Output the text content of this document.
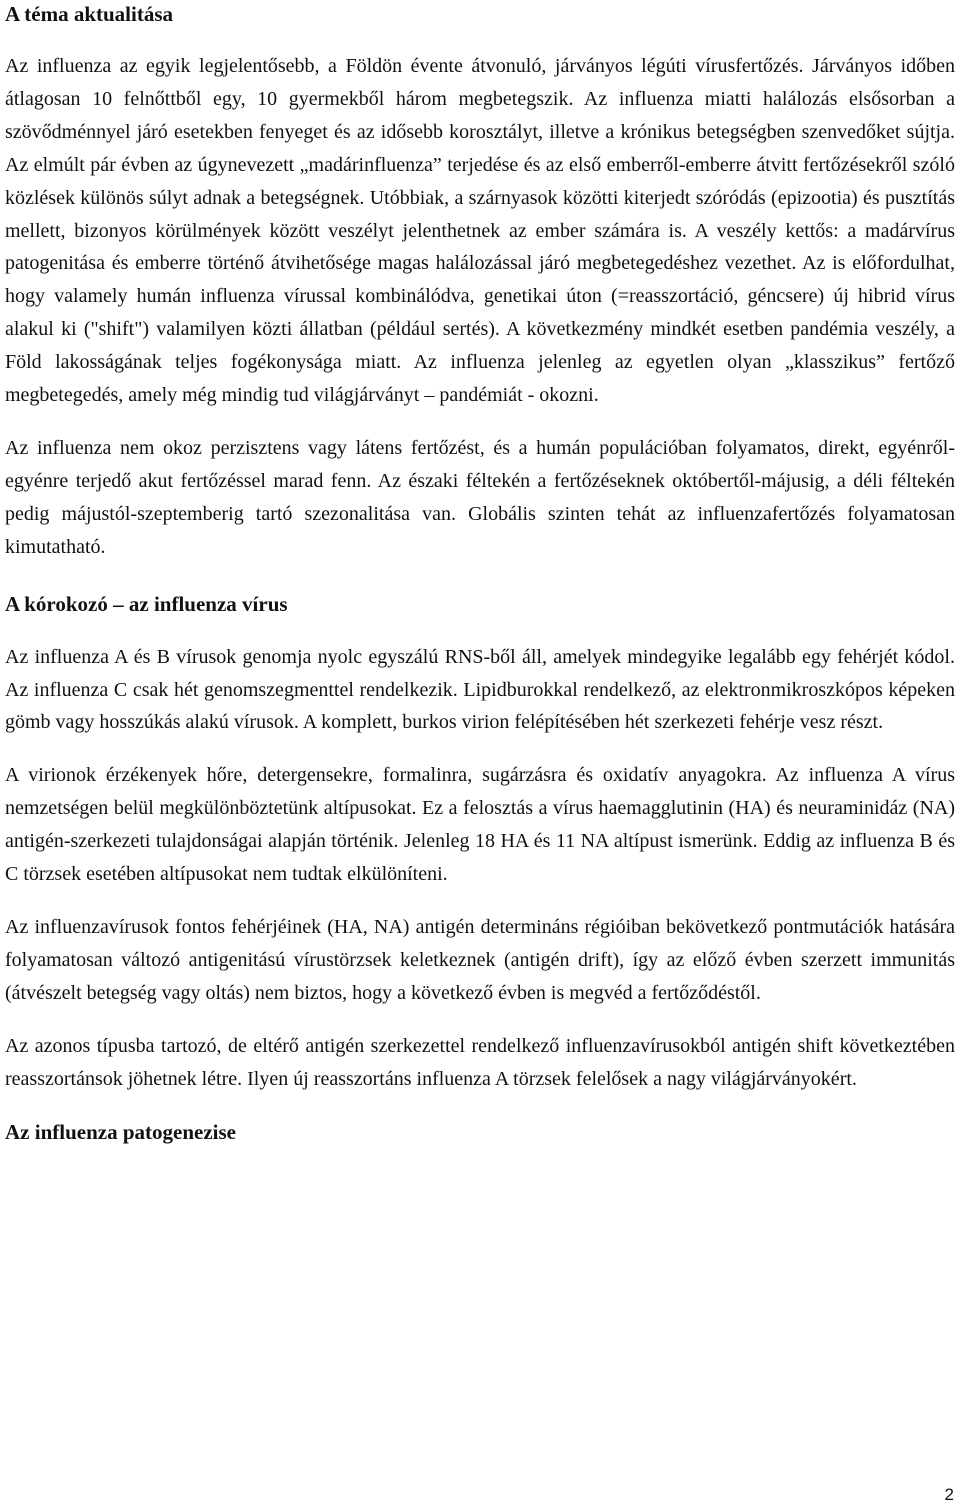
A téma aktualitása

Az influenza az egyik legjelentősebb, a Földön évente átvonuló, járványos légúti vírusfertőzés. Járványos időben átlagosan 10 felnőttből egy, 10 gyermekből három megbetegszik. Az influenza miatti halálozás elsősorban a szövődménnyel járó esetekben fenyeget és az idősebb korosztályt, illetve a krónikus betegségben szenvedőket sújtja. Az elmúlt pár évben az úgynevezett „madárinfluenza” terjedése és az első emberről-emberre átvitt fertőzésekről szóló közlések különös súlyt adnak a betegségnek. Utóbbiak, a szárnyasok közötti kiterjedt szóródás (epizootia) és pusztítás mellett, bizonyos körülmények között veszélyt jelenthetnek az ember számára is. A veszély kettős: a madárvírus patogenitása és emberre történő átvihetősége magas halálozással járó megbetegedéshez vezethet. Az is előfordulhat, hogy valamely humán influenza vírussal kombinálódva, genetikai úton (=reasszortáció, géncsere) új hibrid vírus alakul ki ("shift") valamilyen közti állatban (például sertés). A következmény mindkét esetben pandémia veszély, a Föld lakosságának teljes fogékonysága miatt. Az influenza jelenleg az egyetlen olyan „klasszikus” fertőző megbetegedés, amely még mindig tud világjárványt – pandémiát - okozni.

Az influenza nem okoz perzisztens vagy látens fertőzést, és a humán populációban folyamatos, direkt, egyénről-egyénre terjedő akut fertőzéssel marad fenn. Az északi féltekén a fertőzéseknek októbertől-májusig, a déli féltekén pedig májustól-szeptemberig tartó szezonalitása van. Globális szinten tehát az influenzafertőzés folyamatosan kimutatható.

A kórokozó – az influenza vírus

Az influenza A és B vírusok genomja nyolc egyszálú RNS-ből áll, amelyek mindegyike legalább egy fehérjét kódol. Az influenza C csak hét genomszegmenttel rendelkezik. Lipidburokkal rendelkező, az elektronmikroszkópos képeken gömb vagy hosszúkás alakú vírusok. A komplett, burkos virion felépítésében hét szerkezeti fehérje vesz részt.

A virionok érzékenyek hőre, detergensekre, formalinra, sugárzásra és oxidatív anyagokra. Az influenza A vírus nemzetségen belül megkülönböztetünk altípusokat. Ez a felosztás a vírus haemagglutinin (HA) és neuraminidáz (NA) antigén-szerkezeti tulajdonságai alapján történik. Jelenleg 18 HA és 11 NA altípust ismerünk. Eddig az influenza B és C törzsek esetében altípusokat nem tudtak elkülöníteni.

Az influenzavírusok fontos fehérjéinek (HA, NA) antigén determináns régióiban bekövetkező pontmutációk hatására folyamatosan változó antigenitású vírustörzsek keletkeznek (antigén drift), így az előző évben szerzett immunitás (átvészelt betegség vagy oltás) nem biztos, hogy a következő évben is megvéd a fertőződéstől.

Az azonos típusba tartozó, de eltérő antigén szerkezettel rendelkező influenzavírusokból antigén shift következtében reasszortánsok jöhetnek létre. Ilyen új reasszortáns influenza A törzsek felelősek a nagy világjárványokért.

Az influenza patogenezise
2
